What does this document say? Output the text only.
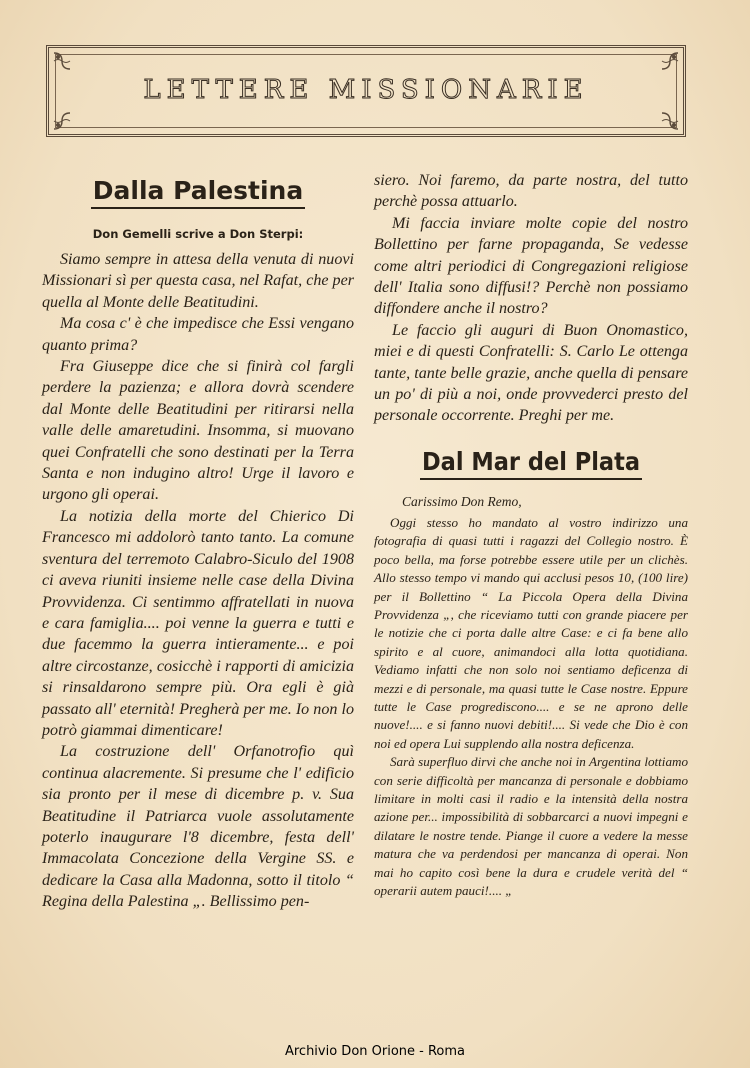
LETTERE MISSIONARIE
Dalla Palestina
Don Gemelli scrive a Don Sterpi:

Siamo sempre in attesa della venuta di nuovi Missionari sì per questa casa, nel Rafat, che per quella al Monte delle Beatitudini.

Ma cosa c' è che impedisce che Essi vengano quanto prima?

Fra Giuseppe dice che si finirà col fargli perdere la pazienza; e allora dovrà scendere dal Monte delle Beatitudini per ritirarsi nella valle delle amaretudini. Insomma, si muovano quei Confratelli che sono destinati per la Terra Santa e non indugino altro! Urge il lavoro e urgono gli operai.

La notizia della morte del Chierico Di Francesco mi addolorò tanto tanto. La comune sventura del terremoto Calabro-Siculo del 1908 ci aveva riuniti insieme nelle case della Divina Provvidenza. Ci sentimmo affratellati in nuova e cara famiglia.... poi venne la guerra e tutti e due facemmo la guerra intieramente... e poi altre circostanze, cosicchè i rapporti di amicizia si rinsaldarono sempre più. Ora egli è già passato all' eternità! Pregherà per me. Io non lo potrò giammai dimenticare!

La costruzione dell' Orfanotrofio quì continua alacremente. Si presume che l' edificio sia pronto per il mese di dicembre p. v. Sua Beatitudine il Patriarca vuole assolutamente poterlo inaugurare l'8 dicembre, festa dell' Immacolata Concezione della Vergine SS. e dedicare la Casa alla Madonna, sotto il titolo “ Regina della Palestina „. Bellissimo pen-

siero. Noi faremo, da parte nostra, del tutto perchè possa attuarlo.

Mi faccia inviare molte copie del nostro Bollettino per farne propaganda, Se vedesse come altri periodici di Congregazioni religiose dell' Italia sono diffusi!? Perchè non possiamo diffondere anche il nostro?

Le faccio gli auguri di Buon Onomastico, miei e di questi Confratelli: S. Carlo Le ottenga tante, tante belle grazie, anche quella di pensare un po' di più a noi, onde provvederci presto del personale occorrente. Preghi per me.

Dal Mar del Plata
Carissimo Don Remo,

Oggi stesso ho mandato al vostro indirizzo una fotografia di quasi tutti i ragazzi del Collegio nostro. È poco bella, ma forse potrebbe essere utile per un clichès. Allo stesso tempo vi mando qui acclusi pesos 10, (100 lire) per il Bollettino “ La Piccola Opera della Divina Provvidenza „, che riceviamo tutti con grande piacere per le notizie che ci porta dalle altre Case: e ci fa bene allo spirito e al cuore, animandoci alla lotta quotidiana. Vediamo infatti che non solo noi sentiamo deficenza di mezzi e di personale, ma quasi tutte le Case nostre. Eppure tutte le Case progrediscono.... e se ne aprono delle nuove!.... e si fanno nuovi debiti!.... Si vede che Dio è con noi ed opera Lui supplendo alla nostra deficenza.

Sarà superfluo dirvi che anche noi in Argentina lottiamo con serie difficoltà per mancanza di personale e dobbiamo limitare in molti casi il radio e la intensità della nostra azione per... impossibilità di sobbarcarci a nuovi impegni e dilatare le nostre tende. Piange il cuore a vedere la messe matura che va perdendosi per mancanza di operai. Non mai ho capito così bene la dura e crudele verità del “ operarii autem pauci!.... „

Archivio Don Orione - Roma
